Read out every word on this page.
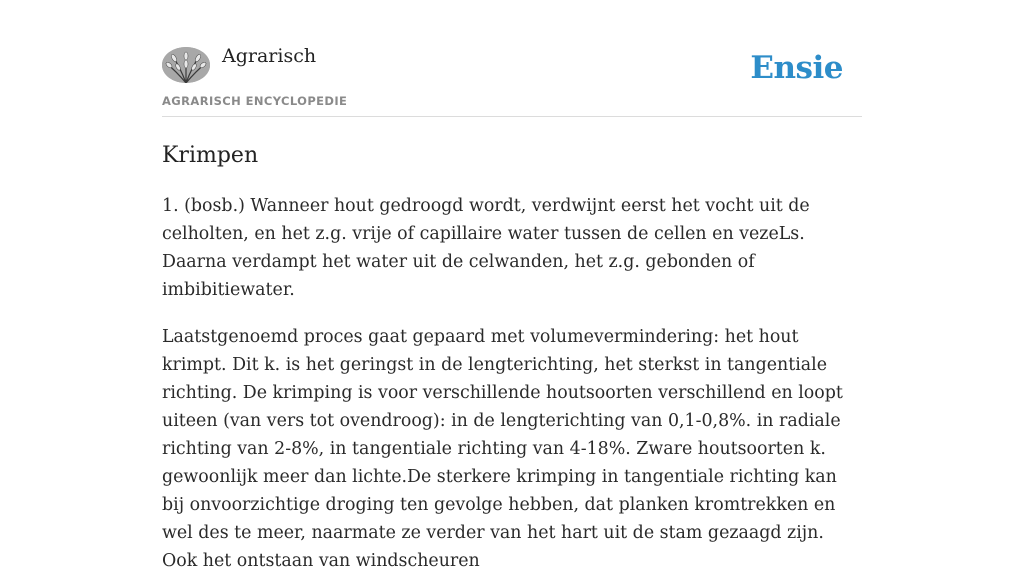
Agrarisch
AGRARISCH ENCYCLOPEDIE
Ensie
Krimpen

1. (bosb.) Wanneer hout gedroogd wordt, verdwijnt eerst het vocht uit de celholten, en het z.g. vrije of capillaire water tussen de cellen en vezeLs. Daarna verdampt het water uit de celwanden, het z.g. gebonden of imbibitiewater.

Laatstgenoemd proces gaat gepaard met volumevermindering: het hout krimpt. Dit k. is het geringst in de lengterichting, het sterkst in tangentiale richting. De krimping is voor verschillende houtsoorten verschillend en loopt uiteen (van vers tot ovendroog): in de lengterichting van 0,1-0,8%. in radiale richting van 2-8%, in tangentiale richting van 4-18%. Zware houtsoorten k. gewoonlijk meer dan lichte.De sterkere krimping in tangentiale richting kan bij onvoorzichtige droging ten gevolge hebben, dat planken kromtrekken en wel des te meer, naarmate ze verder van het hart uit de stam gezaagd zijn. Ook het ontstaan van windscheuren
